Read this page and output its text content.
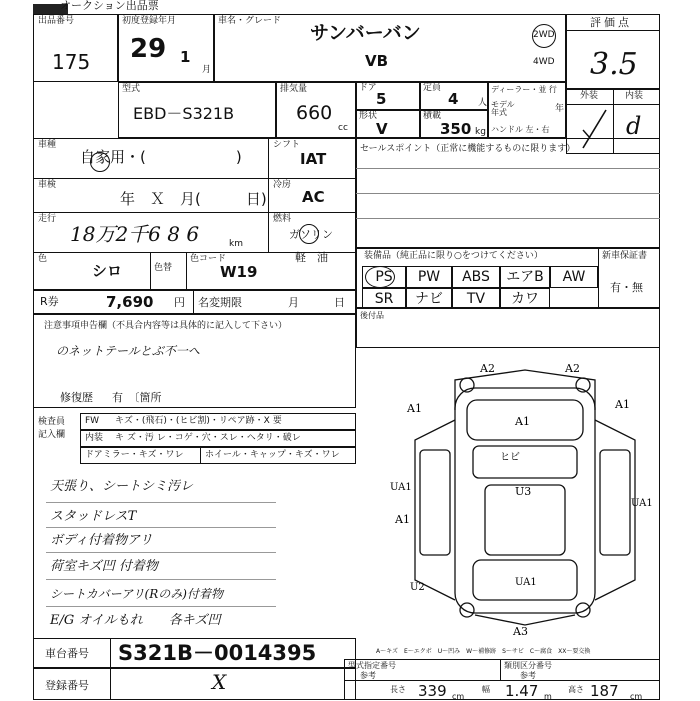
オークション出品票
出品番号
175
初度登録年月
29 1
月
車名・グレード
サンバーバン
VB
2WD
4WD
評価点
3.5
外装	内装
d
型式
EBD－S321B
排気量
660
cc
ドア
5
定員
4 人
ディーラー・並 行
モデル年式	年
ハンドル 左・右
形状
V
積載
350 kg
車種
自家用・(　　　　　　)
シフト
IAT
車検
年　Ｘ　月(　　　日)
冷房
AC
走行
18万2千6 8 6	km
燃料
ガソリン
軽　油
色
シロ	色替
色コード
W19
R券	7,690 円 名変期限	月	日
セールスポイント（正常に機能するものに限ります）
装備品（純正品に限り○をつけてください）	新車保証書
有・無
PS	PW	ABS	エアB	AW
SR	ナビ	TV	カワ
後付品
注意事項申告欄（不具合内容等は具体的に記入して下さい）
のネットテールとぶ不一へ
修復歴 有　〔箇所
検査員
記入欄
FW キズ・(飛石)・(ヒビ割)・リペア跡・X 要
内装 キ ズ・汚 レ・コゲ・穴・スレ・ヘタリ・破レ
ドアミラー・キズ・ワレ ホイール・キャップ・キズ・ワレ
天張り、シートシミ汚レ
スタッドレスT
ボディ付着物アリ
荷室キズ凹 付着物
シートカバーアリ(Rのみ)付着物
E/G オイルもれ　　各キズ凹
A2	A2
A1	A1
A1
ヒビ
UA1	U3
UA1
A1
UA1
U2
A3
A～キズ　E～エクボ　U～凹み　W～補修跡　S～サビ　C～腐食　XX～要交換
車台番号 S321B－0014395
登録番号	X
型式指定番号
参考
類別区分番号
参考
長さ 339 cm
幅 1.47 m
高さ 187 cm
